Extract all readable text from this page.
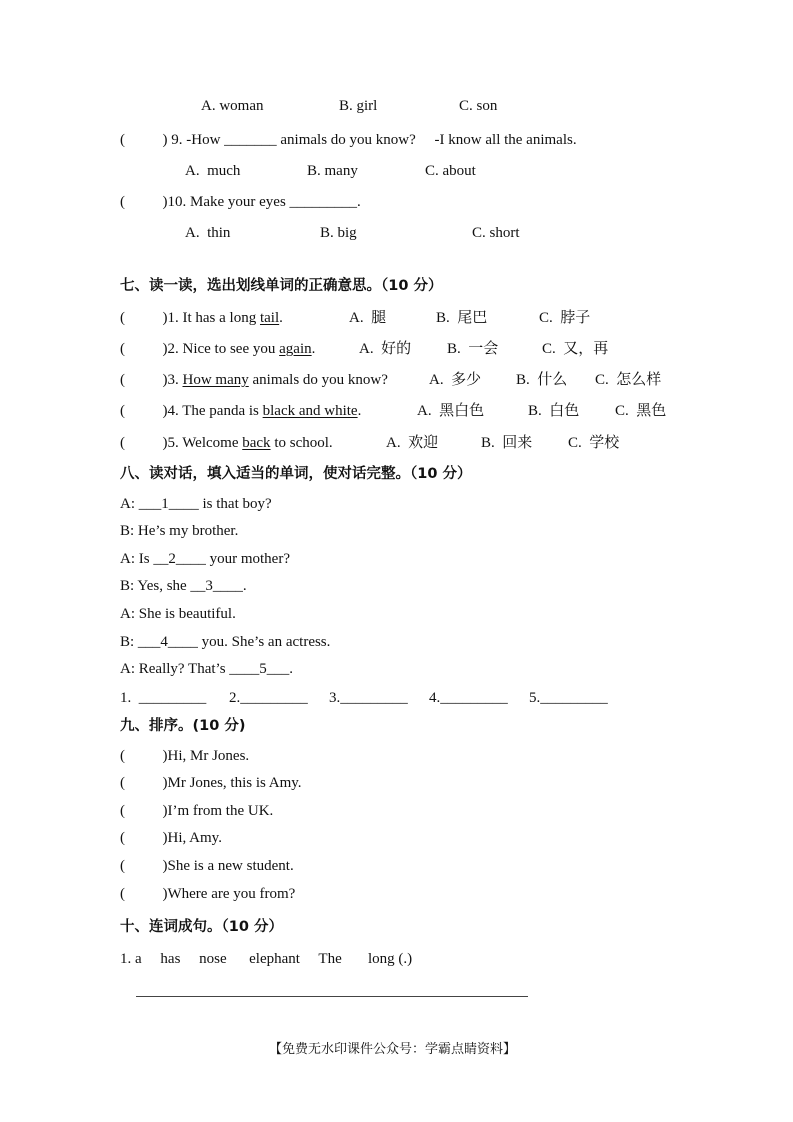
A. woman	B. girl	C. son
(          ) 9. -How _______ animals do you know?     -I know all the animals.
A.  much	B. many	C. about
(          )10. Make your eyes _________.
A.  thin	B. big	C. short
七、读一读，选出划线单词的正确意思。（10 分）
(          )1. It has a long tail.	A.  腿	B.  尾巴	C.  脖子
(          )2. Nice to see you again.	A.  好的 B.  一会	C.  又，再
(          )3. How many animals do you know?	A.  多少 B.  什么 C.  怎么样
(          )4. The panda is black and white.	A.  黑白色	B.  白色 C.  黑色
(          )5. Welcome back to school.	A.  欢迎	B.  回来 C.  学校
八、读对话，填入适当的单词，使对话完整。（10 分）
A: ___1____ is that boy?
B: He’s my brother.
A: Is __2____ your mother?
B: Yes, she __3____.
A: She is beautiful.
B: ___4____ you. She’s an actress.
A: Really? That’s ____5___.
1.  _________ 2._________ 3._________ 4._________ 5._________
九、排序。(10 分)
(          )Hi, Mr Jones.
(          )Mr Jones, this is Amy.
(          )I’m from the UK.
(          )Hi, Amy.
(          )She is a new student.
(          )Where are you from?
十、连词成句。（10 分）
1. a     has     nose      elephant     The       long (.)
【免费无水印课件公众号：学霸点睛资料】
